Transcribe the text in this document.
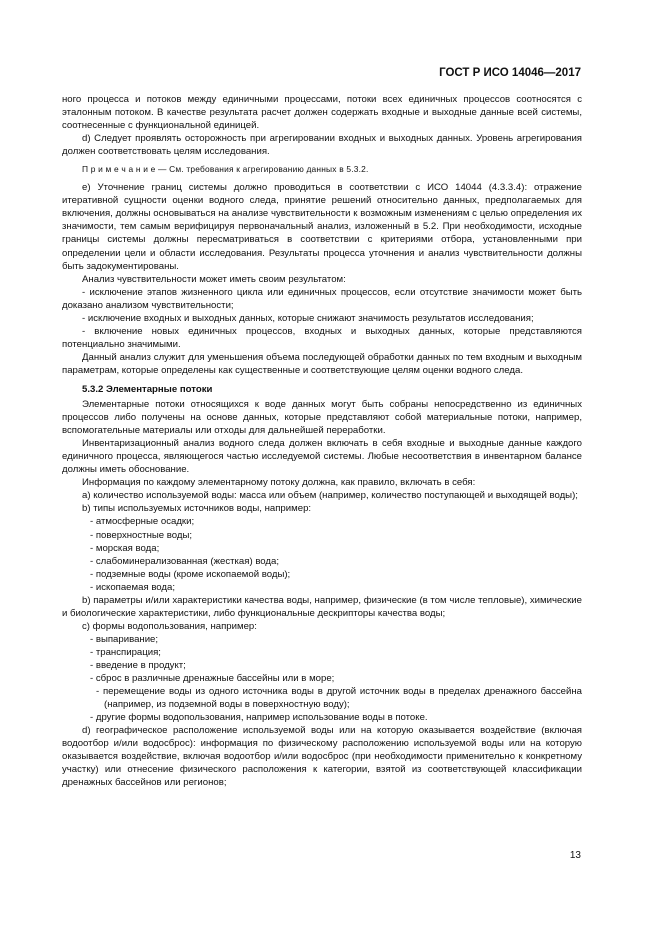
ГОСТ Р ИСО 14046—2017

ного процесса и потоков между единичными процессами, потоки всех единичных процессов соотносятся с эталонным потоком. В качестве результата расчет должен содержать входные и выходные данные всей системы, соотнесенные с функциональной единицей.

d) Следует проявлять осторожность при агрегировании входных и выходных данных. Уровень агрегирования должен соответствовать целям исследования.

П р и м е ч а н и е — См. требования к агрегированию данных в 5.3.2.

е) Уточнение границ системы должно проводиться в соответствии с ИСО 14044 (4.3.3.4): отражение итеративной сущности оценки водного следа, принятие решений относительно данных, предполагаемых для включения, должны основываться на анализе чувствительности к возможным изменениям с целью определения их значимости, тем самым верифицируя первоначальный анализ, изложенный в 5.2. При необходимости, исходные границы системы должны пересматриваться в соответствии с критериями отбора, установленными при определении цели и области исследования. Результаты процесса уточнения и анализ чувствительности должны быть задокументированы.

Анализ чувствительности может иметь своим результатом:

- исключение этапов жизненного цикла или единичных процессов, если отсутствие значимости может быть доказано анализом чувствительности;

- исключение входных и выходных данных, которые снижают значимость результатов исследования;

- включение новых единичных процессов, входных и выходных данных, которые представляются потенциально значимыми.

Данный анализ служит для уменьшения объема последующей обработки данных по тем входным и выходным параметрам, которые определены как существенные и соответствующие целям оценки водного следа.

5.3.2 Элементарные потоки

Элементарные потоки относящихся к воде данных могут быть собраны непосредственно из единичных процессов либо получены на основе данных, которые представляют собой материальные потоки, например, вспомогательные материалы или отходы для дальнейшей переработки.

Инвентаризационный анализ водного следа должен включать в себя входные и выходные данные каждого единичного процесса, являющегося частью исследуемой системы. Любые несоответствия в инвентарном балансе должны иметь обоснование.

Информация по каждому элементарному потоку должна, как правило, включать в себя:

а) количество используемой воды: масса или объем (например, количество поступающей и выходящей воды);

b) типы используемых источников воды, например:

- атмосферные осадки;

- поверхностные воды;

- морская вода;

- слабоминерализованная (жесткая) вода;

- подземные воды (кроме ископаемой воды);

- ископаемая вода;

b) параметры и/или характеристики качества воды, например, физические (в том числе тепловые), химические и биологические характеристики, либо функциональные дескрипторы качества воды;

c) формы водопользования, например:

- выпаривание;

- транспирация;

- введение в продукт;

- сброс в различные дренажные бассейны или в море;

- перемещение воды из одного источника воды в другой источник воды в пределах дренажного бассейна (например, из подземной воды в поверхностную воду);

- другие формы водопользования, например использование воды в потоке.

d) географическое расположение используемой воды или на которую оказывается воздействие (включая водоотбор и/или водосброс): информация по физическому расположению используемой воды или на которую оказывается воздействие, включая водоотбор и/или водосброс (при необходимости применительно к конкретному участку) или отнесение физического расположения к категории, взятой из соответствующей классификации дренажных бассейнов или регионов;

13
